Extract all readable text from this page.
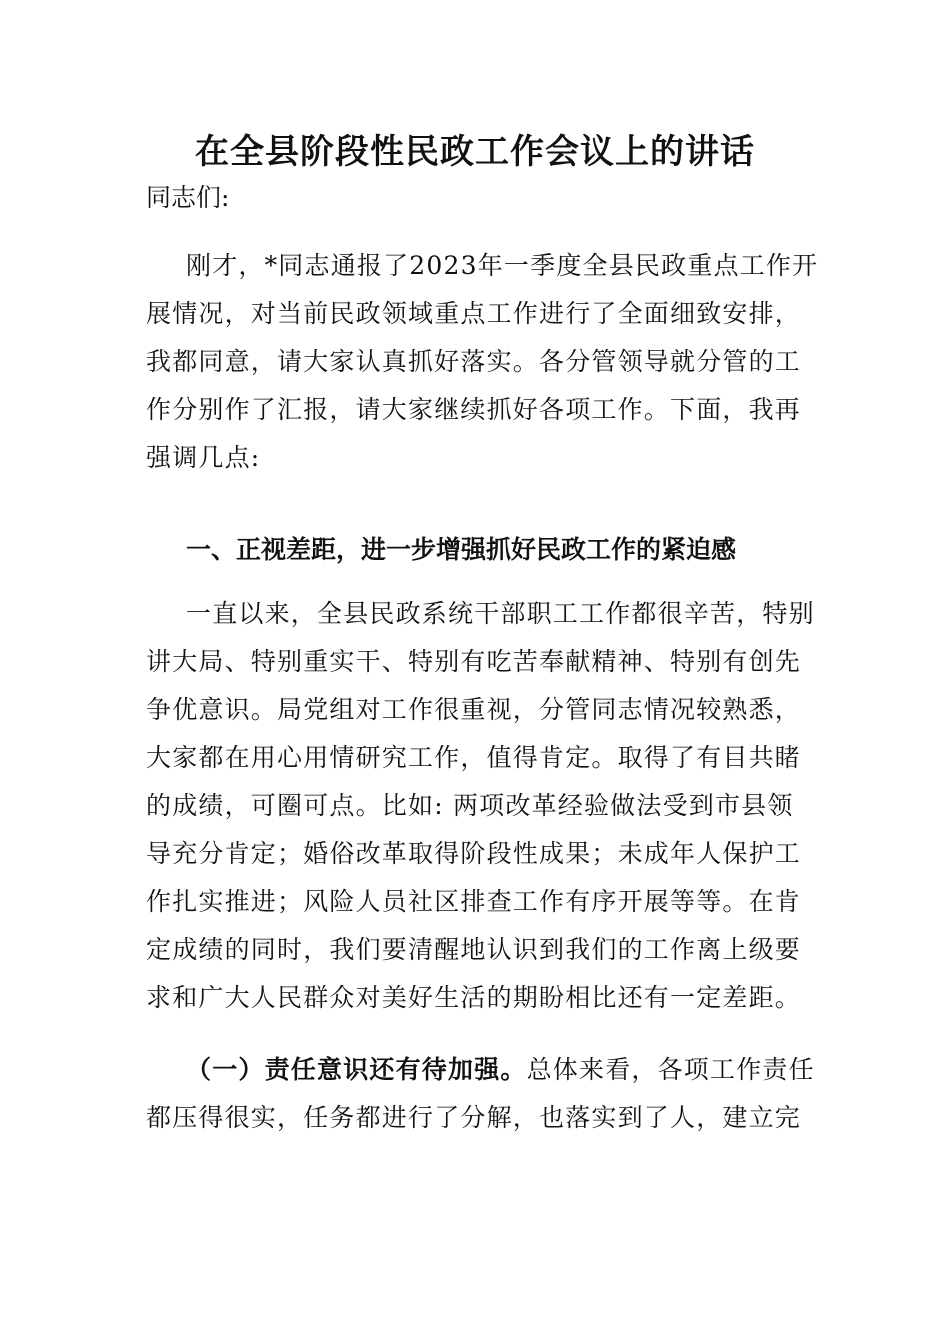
在全县阶段性民政工作会议上的讲话
同志们:
刚才，*同志通报了2023年一季度全县民政重点工作开
展情况，对当前民政领域重点工作进行了全面细致安排，
我都同意，请大家认真抓好落实。各分管领导就分管的工
作分别作了汇报，请大家继续抓好各项工作。下面，我再
强调几点:
一、正视差距，进一步增强抓好民政工作的紧迫感
一直以来，全县民政系统干部职工工作都很辛苦，特别
讲大局、特别重实干、特别有吃苦奉献精神、特别有创先
争优意识。局党组对工作很重视，分管同志情况较熟悉，
大家都在用心用情研究工作，值得肯定。取得了有目共睹
的成绩，可圈可点。比如: 两项改革经验做法受到市县领
导充分肯定；婚俗改革取得阶段性成果；未成年人保护工
作扎实推进；风险人员社区排查工作有序开展等等。在肯
定成绩的同时，我们要清醒地认识到我们的工作离上级要
求和广大人民群众对美好生活的期盼相比还有一定差距。
（一）责任意识还有待加强。总体来看，各项工作责任
都压得很实，任务都进行了分解，也落实到了人，建立完
